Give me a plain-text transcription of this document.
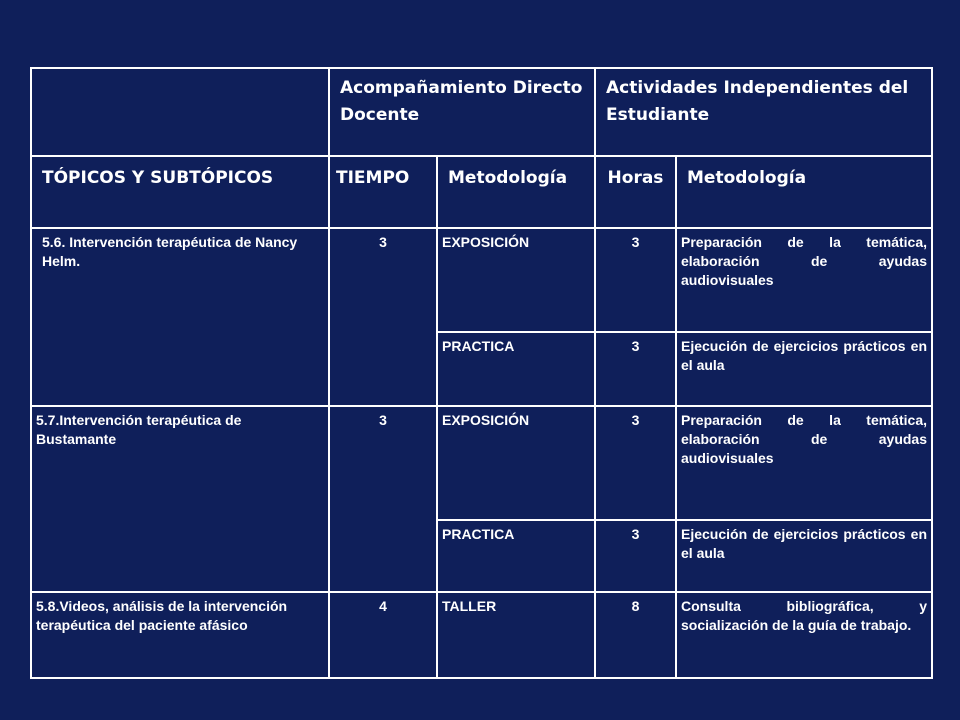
	Acompañamiento Directo Docente		Actividades Independientes del Estudiante	
TÓPICOS Y SUBTÓPICOS	TIEMPO	Metodología	Horas	Metodología
5.6. Intervención terapéutica de Nancy Helm.	3	EXPOSICIÓN	3	Preparación de la temática, elaboración de ayudas audiovisuales
		PRACTICA	3	Ejecución de ejercicios prácticos en el aula
5.7.Intervención terapéutica de Bustamante	3	EXPOSICIÓN	3	Preparación de la temática, elaboración de ayudas audiovisuales
		PRACTICA	3	Ejecución de ejercicios prácticos en el aula
5.8.Videos, análisis de la intervención terapéutica del paciente afásico	4	TALLER	8	Consulta bibliográfica, y socialización de la guía de trabajo.
